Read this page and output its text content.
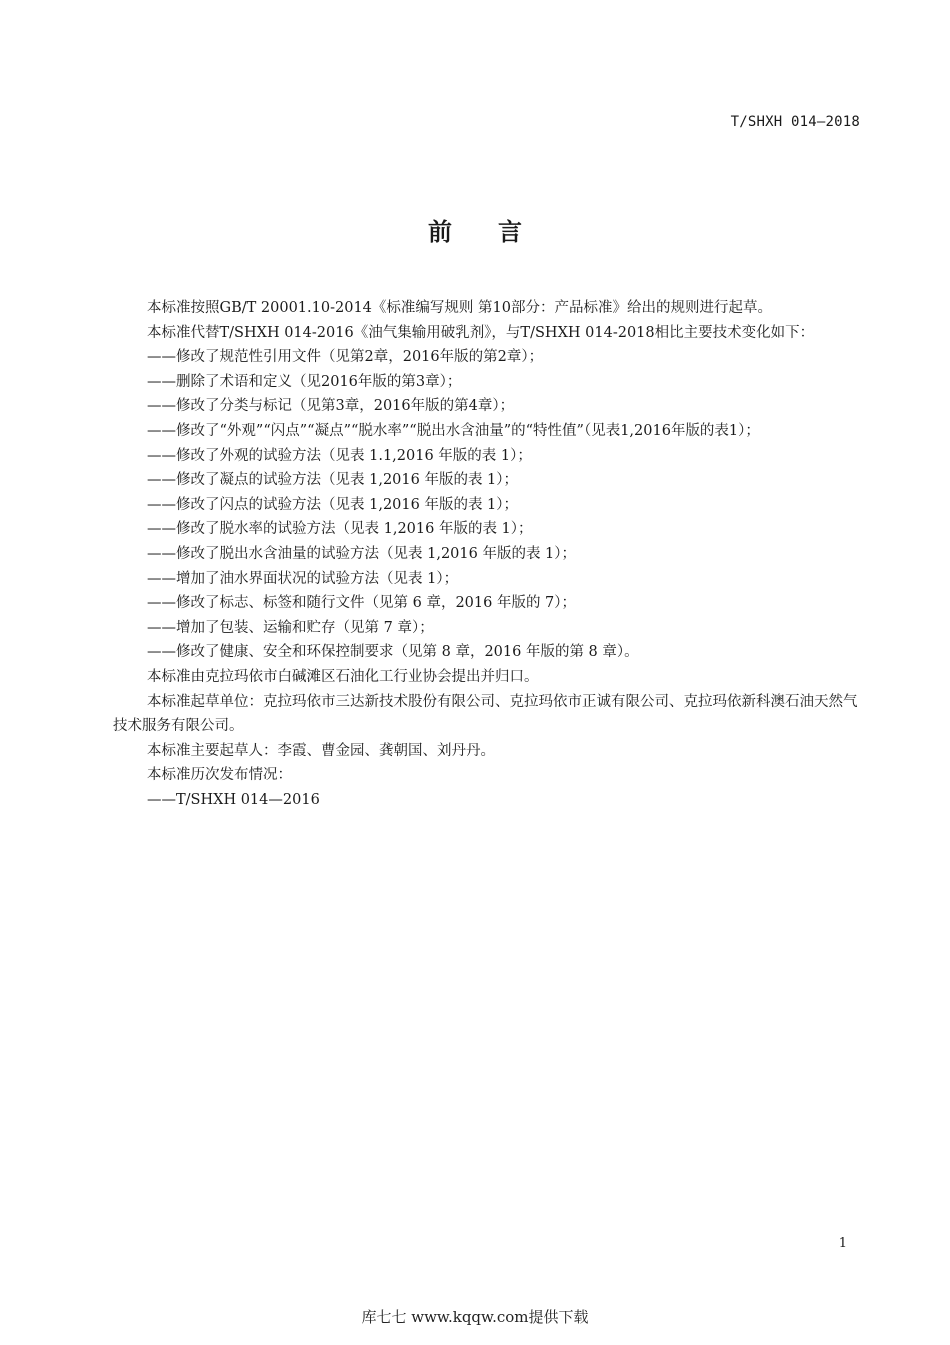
T/SHXH 014—2018
前言

本标准按照GB/T 20001.10-2014《标准编写规则 第10部分：产品标准》给出的规则进行起草。

本标准代替T/SHXH 014-2016《油气集输用破乳剂》，与T/SHXH 014-2018相比主要技术变化如下：

——修改了规范性引用文件（见第2章，2016年版的第2章）；

——删除了术语和定义（见2016年版的第3章）；

——修改了分类与标记（见第3章，2016年版的第4章）；

——修改了“外观”“闪点”“凝点”“脱水率”“脱出水含油量”的“特性值”（见表1,2016年版的表1）；

——修改了外观的试验方法（见表 1.1,2016 年版的表 1）；

——修改了凝点的试验方法（见表 1,2016 年版的表 1）；

——修改了闪点的试验方法（见表 1,2016 年版的表 1）；

——修改了脱水率的试验方法（见表 1,2016 年版的表 1）；

——修改了脱出水含油量的试验方法（见表 1,2016 年版的表 1）；

——增加了油水界面状况的试验方法（见表 1）；

——修改了标志、标签和随行文件（见第 6 章，2016 年版的 7）；

——增加了包装、运输和贮存（见第 7 章）；

——修改了健康、安全和环保控制要求（见第 8 章，2016 年版的第 8 章）。

本标准由克拉玛依市白碱滩区石油化工行业协会提出并归口。

本标准起草单位：克拉玛依市三达新技术股份有限公司、克拉玛依市正诚有限公司、克拉玛依新科澳石油天然气技术服务有限公司。

本标准主要起草人：李霞、曹金园、龚朝国、刘丹丹。

本标准历次发布情况：

——T/SHXH 014—2016

1
库七七 www.kqqw.com提供下载
